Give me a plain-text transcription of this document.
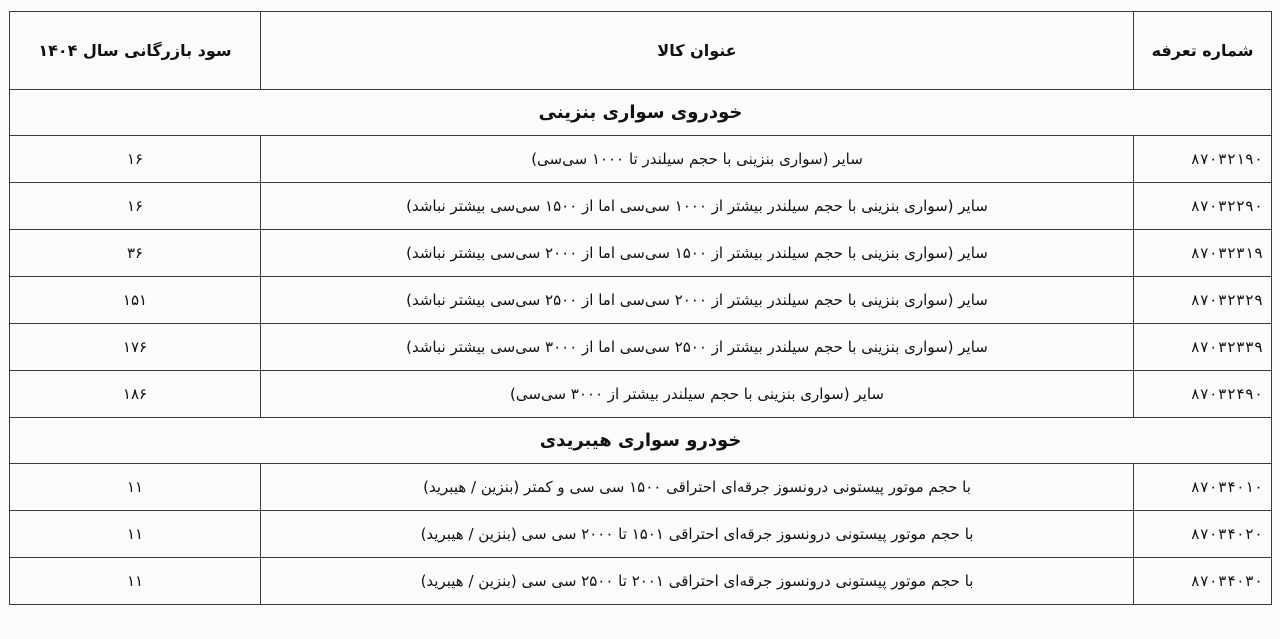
شماره تعرفه	عنوان کالا	سود بازرگانی سال ۱۴۰۴
خودروی سواری بنزینی		
۸۷۰۳۲۱۹۰	سایر (سواری بنزینی با حجم سیلندر تا ۱۰۰۰ سی‌سی)	۱۶
۸۷۰۳۲۲۹۰	سایر (سواری بنزینی با حجم سیلندر بیشتر از ۱۰۰۰ سی‌سی اما از ۱۵۰۰ سی‌سی بیشتر نباشد)	۱۶
۸۷۰۳۲۳۱۹	سایر (سواری بنزینی با حجم سیلندر بیشتر از ۱۵۰۰ سی‌سی اما از ۲۰۰۰ سی‌سی بیشتر نباشد)	۳۶
۸۷۰۳۲۳۲۹	سایر (سواری بنزینی با حجم سیلندر بیشتر از ۲۰۰۰ سی‌سی اما از ۲۵۰۰ سی‌سی بیشتر نباشد)	۱۵۱
۸۷۰۳۲۳۳۹	سایر (سواری بنزینی با حجم سیلندر بیشتر از ۲۵۰۰ سی‌سی اما از ۳۰۰۰ سی‌سی بیشتر نباشد)	۱۷۶
۸۷۰۳۲۴۹۰	سایر (سواری بنزینی با حجم سیلندر بیشتر از ۳۰۰۰ سی‌سی)	۱۸۶
خودرو سواری هیبریدی		
۸۷۰۳۴۰۱۰	با حجم موتور پیستونی درونسوز جرقه‌ای احتراقی ۱۵۰۰ سی سی و کمتر (بنزین / هیبرید)	۱۱
۸۷۰۳۴۰۲۰	با حجم موتور پیستونی درونسوز جرقه‌ای احتراقی ۱۵۰۱ تا ۲۰۰۰ سی سی (بنزین / هیبرید)	۱۱
۸۷۰۳۴۰۳۰	با حجم موتور پیستونی درونسوز جرقه‌ای احتراقی ۲۰۰۱ تا ۲۵۰۰ سی سی (بنزین / هیبرید)	۱۱
